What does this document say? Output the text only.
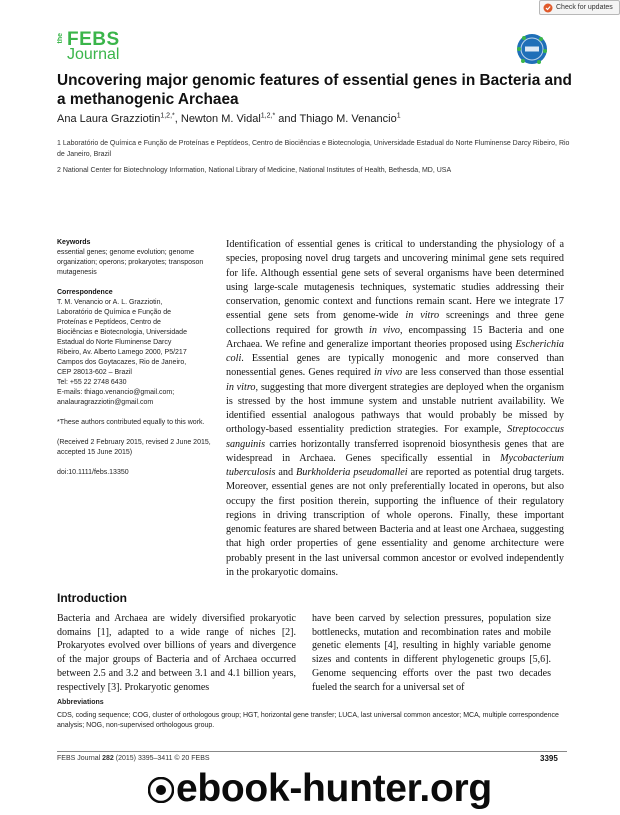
Check for updates
the FEBS
Journal
Uncovering major genomic features of essential genes in Bacteria and a methanogenic Archaea
Ana Laura Grazziotin$^{1,2,*}$, Newton M. Vidal$^{1,2,*}$ and Thiago M. Venancio$^1$

1 Laboratório de Química e Função de Proteínas e Peptídeos, Centro de Biociências e Biotecnologia, Universidade Estadual do Norte Fluminense Darcy Ribeiro, Rio de Janeiro, Brazil

2 National Center for Biotechnology Information, National Library of Medicine, National Institutes of Health, Bethesda, MD, USA

Keywords

essential genes; genome evolution; genome organization; operons; prokaryotes; transposon mutagenesis

Correspondence

T. M. Venancio or A. L. Grazziotin,

Laboratório de Química e Função de

Proteínas e Peptídeos, Centro de

Biociências e Biotecnologia, Universidade

Estadual do Norte Fluminense Darcy

Ribeiro, Av. Alberto Lamego 2000, P5/217

Campos dos Goytacazes, Rio de Janeiro,

CEP 28013-602 – Brazil

Tel: +55 22 2748 6430

E-mails: thiago.venancio@gmail.com;

analauragrazziotin@gmail.com

*These authors contributed equally to this work.

(Received 2 February 2015, revised 2 June 2015, accepted 15 June 2015)

doi:10.1111/febs.13350

Identification of essential genes is critical to understanding the physiology of a species, proposing novel drug targets and uncovering minimal gene sets required for life. Although essential gene sets of several organisms have been determined using large-scale mutagenesis techniques, systematic studies addressing their conservation, genomic context and functions remain scant. Here we integrate 17 essential gene sets from genome-wide in vitro screenings and three gene collections required for growth in vivo, encompassing 15 Bacteria and one Archaea. We refine and generalize important theories proposed using Escherichia coli. Essential genes are typically monogenic and more conserved than nonessential genes. Genes required in vivo are less conserved than those essential in vitro, suggesting that more divergent strategies are deployed when the organism is stressed by the host immune system and unstable nutrient availability. We identified essential analogous pathways that would probably be missed by orthology-based essentiality prediction strategies. For example, Streptococcus sanguinis carries horizontally transferred isoprenoid biosynthesis genes that are widespread in Archaea. Genes specifically essential in Mycobacterium tuberculosis and Burkholderia pseudomallei are reported as potential drug targets. Moreover, essential genes are not only preferentially located in operons, but also occupy the first position therein, supporting the influence of their regulatory regions in driving transcription of whole operons. Finally, these important genomic features are shared between Bacteria and at least one Archaea, suggesting that high order properties of gene essentiality and genome architecture were probably present in the last universal common ancestor or evolved independently in the prokaryotic domains.

Introduction

Bacteria and Archaea are widely diversified prokaryotic domains [1], adapted to a wide range of niches [2]. Prokaryotes evolved over billions of years and divergence of the major groups of Bacteria and of Archaea occurred between 2.5 and 3.2 and between 3.1 and 4.1 billion years, respectively [3]. Prokaryotic genomes

have been carved by selection pressures, population size bottlenecks, mutation and recombination rates and mobile genetic elements [4], resulting in highly variable genome sizes and contents in different phylogenetic groups [5,6]. Genome sequencing efforts over the past two decades fueled the search for a universal set of

Abbreviations

CDS, coding sequence; COG, cluster of orthologous group; HGT, horizontal gene transfer; LUCA, last universal common ancestor; MCA, multiple correspondence analysis; NOG, non-supervised orthologous group.

FEBS Journal 282 (2015) 3395–3411 © 20 FEBS	3395
ebook-hunter.org
